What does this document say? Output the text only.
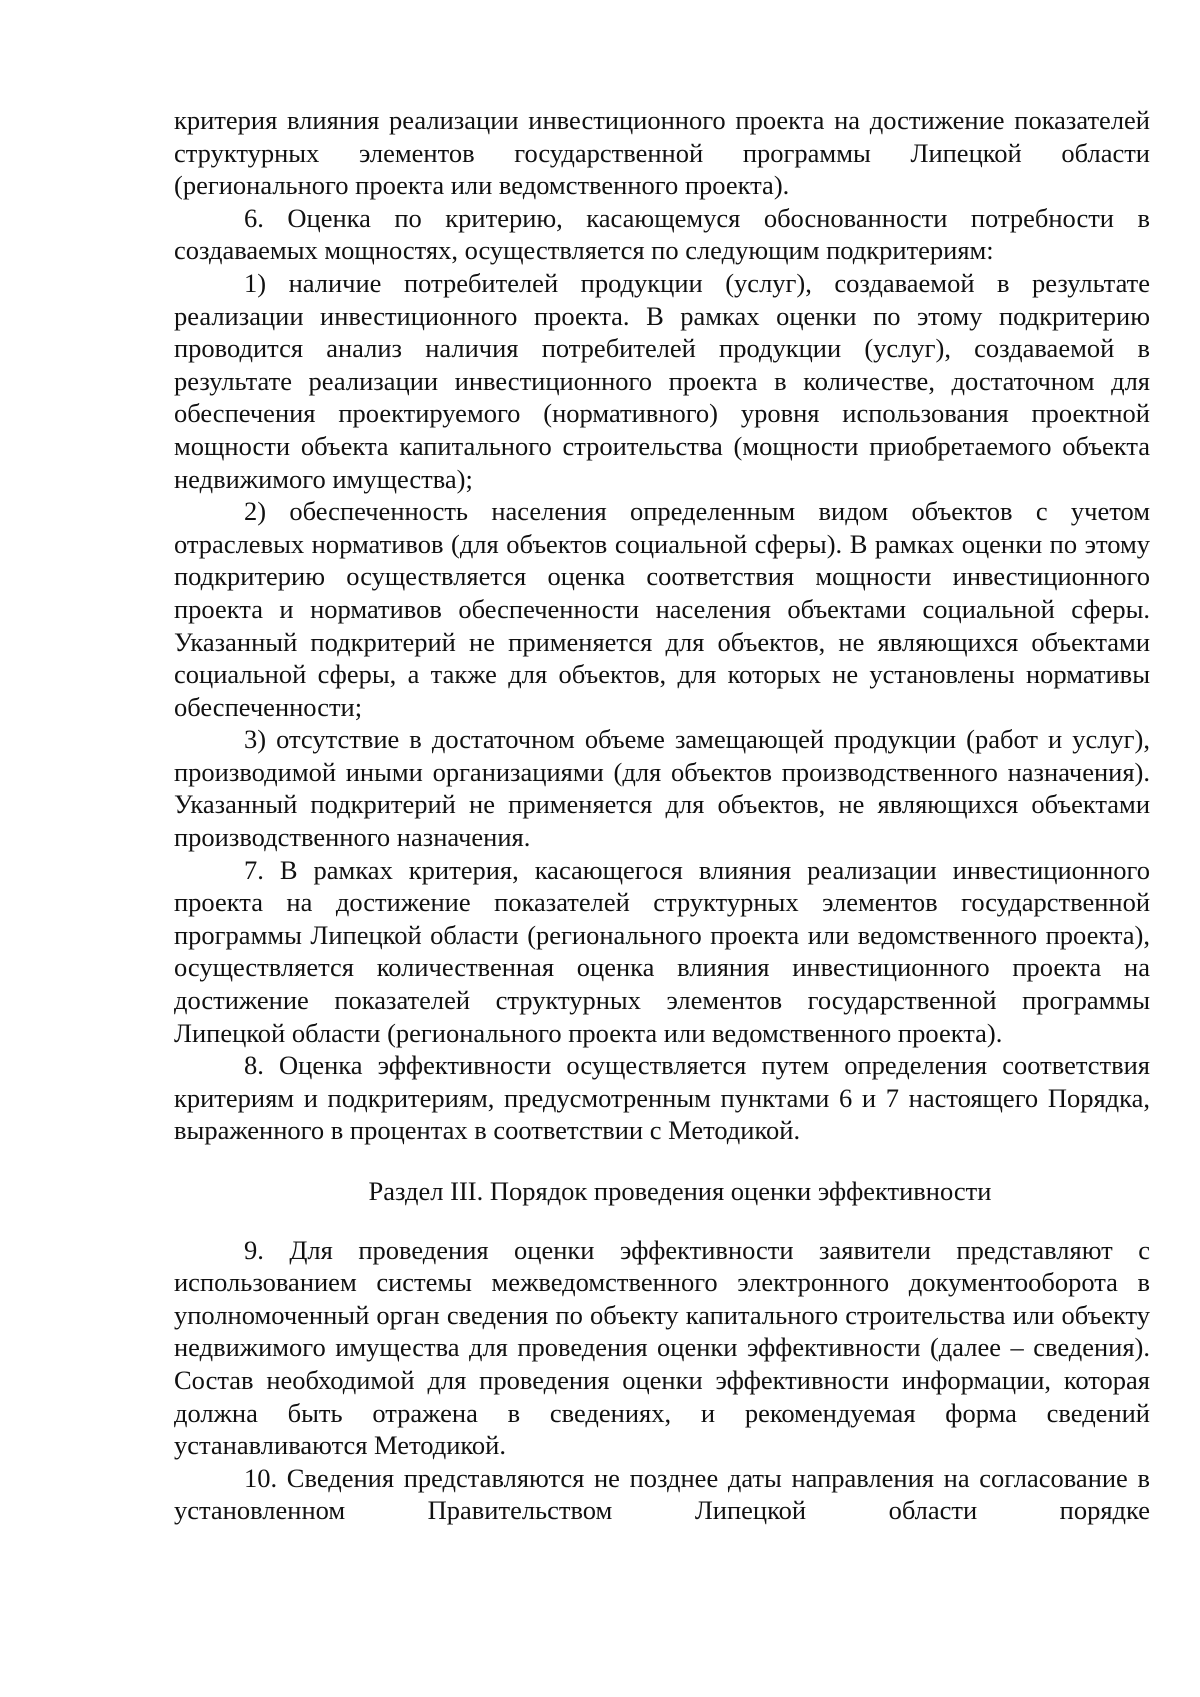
критерия влияния реализации инвестиционного проекта на достижение показателей структурных элементов государственной программы Липецкой области (регионального проекта или ведомственного проекта).

6. Оценка по критерию, касающемуся обоснованности потребности в создаваемых мощностях, осуществляется по следующим подкритериям:

1) наличие потребителей продукции (услуг), создаваемой в результате реализации инвестиционного проекта. В рамках оценки по этому подкритерию проводится анализ наличия потребителей продукции (услуг), создаваемой в результате реализации инвестиционного проекта в количестве, достаточном для обеспечения проектируемого (нормативного) уровня использования проектной мощности объекта капитального строительства (мощности приобретаемого объекта недвижимого имущества);

2) обеспеченность населения определенным видом объектов с учетом отраслевых нормативов (для объектов социальной сферы). В рамках оценки по этому подкритерию осуществляется оценка соответствия мощности инвестиционного проекта и нормативов обеспеченности населения объектами социальной сферы. Указанный подкритерий не применяется для объектов, не являющихся объектами социальной сферы, а также для объектов, для которых не установлены нормативы обеспеченности;

3) отсутствие в достаточном объеме замещающей продукции (работ и услуг), производимой иными организациями (для объектов производственного назначения). Указанный подкритерий не применяется для объектов, не являющихся объектами производственного назначения.

7. В рамках критерия, касающегося влияния реализации инвестиционного проекта на достижение показателей структурных элементов государственной программы Липецкой области (регионального проекта или ведомственного проекта), осуществляется количественная оценка влияния инвестиционного проекта на достижение показателей структурных элементов государственной программы Липецкой области (регионального проекта или ведомственного проекта).

8. Оценка эффективности осуществляется путем определения соответствия критериям и подкритериям, предусмотренным пунктами 6 и 7 настоящего Порядка, выраженного в процентах в соответствии с Методикой.

Раздел III. Порядок проведения оценки эффективности

9. Для проведения оценки эффективности заявители представляют с использованием системы межведомственного электронного документооборота в уполномоченный орган сведения по объекту капитального строительства или объекту недвижимого имущества для проведения оценки эффективности (далее – сведения). Состав необходимой для проведения оценки эффективности информации, которая должна быть отражена в сведениях, и рекомендуемая форма сведений устанавливаются Методикой.

10. Сведения представляются не позднее даты направления на согласование в установленном Правительством Липецкой области порядке
